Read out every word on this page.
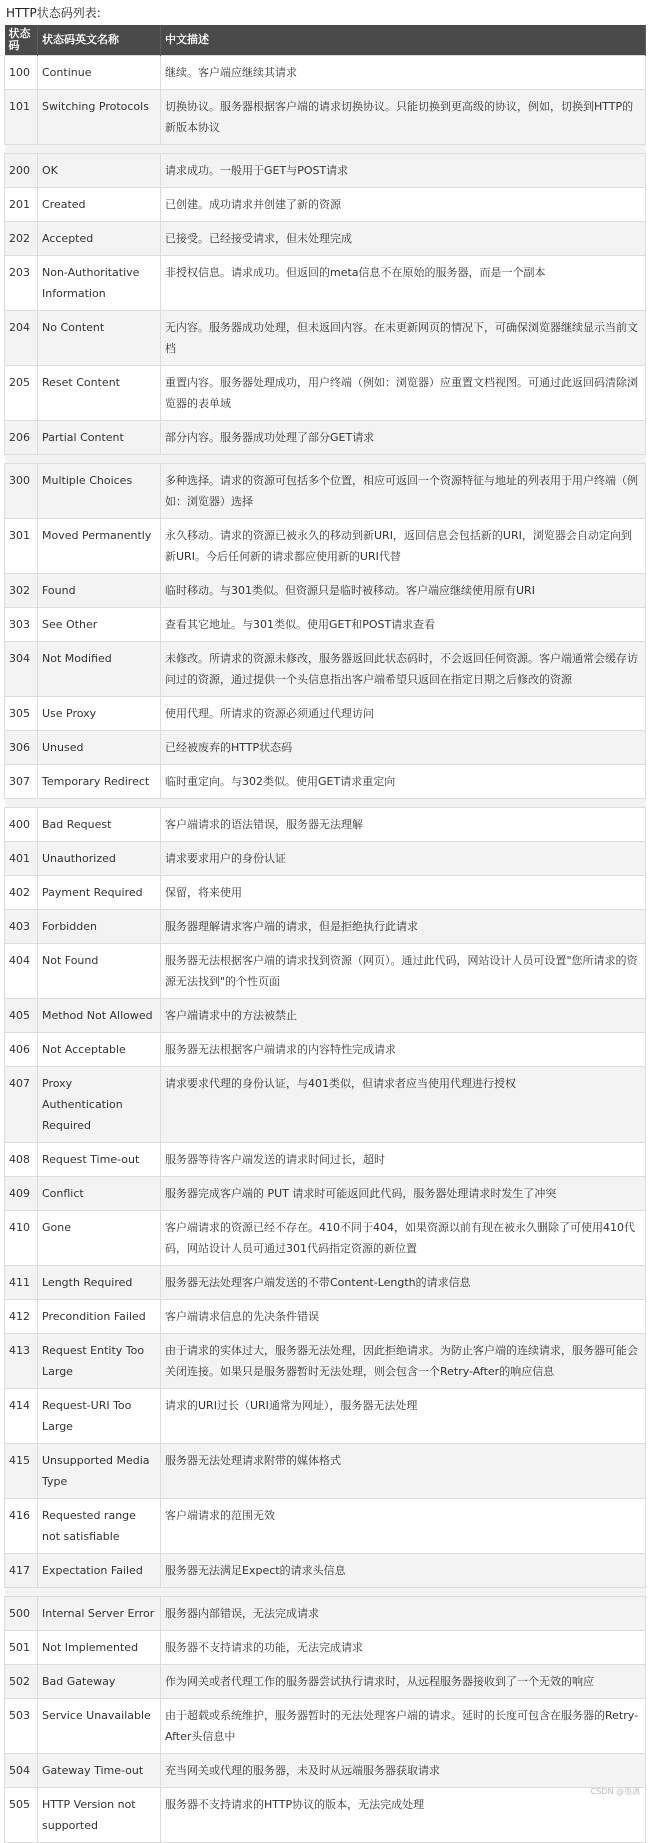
HTTP状态码列表:
状态码	状态码英文名称	中文描述
100	Continue	继续。客户端应继续其请求
101	Switching Protocols	切换协议。服务器根据客户端的请求切换协议。只能切换到更高级的协议，例如，切换到HTTP的新版本协议

200	OK	请求成功。一般用于GET与POST请求
201	Created	已创建。成功请求并创建了新的资源
202	Accepted	已接受。已经接受请求，但未处理完成
203	Non-Authoritative Information	非授权信息。请求成功。但返回的meta信息不在原始的服务器，而是一个副本
204	No Content	无内容。服务器成功处理，但未返回内容。在未更新网页的情况下，可确保浏览器继续显示当前文档
205	Reset Content	重置内容。服务器处理成功，用户终端（例如：浏览器）应重置文档视图。可通过此返回码清除浏览器的表单域
206	Partial Content	部分内容。服务器成功处理了部分GET请求

300	Multiple Choices	多种选择。请求的资源可包括多个位置，相应可返回一个资源特征与地址的列表用于用户终端（例如：浏览器）选择
301	Moved Permanently	永久移动。请求的资源已被永久的移动到新URI，返回信息会包括新的URI，浏览器会自动定向到新URI。今后任何新的请求都应使用新的URI代替
302	Found	临时移动。与301类似。但资源只是临时被移动。客户端应继续使用原有URI
303	See Other	查看其它地址。与301类似。使用GET和POST请求查看
304	Not Modified	未修改。所请求的资源未修改，服务器返回此状态码时，不会返回任何资源。客户端通常会缓存访问过的资源，通过提供一个头信息指出客户端希望只返回在指定日期之后修改的资源
305	Use Proxy	使用代理。所请求的资源必须通过代理访问
306	Unused	已经被废弃的HTTP状态码
307	Temporary Redirect	临时重定向。与302类似。使用GET请求重定向

400	Bad Request	客户端请求的语法错误，服务器无法理解
401	Unauthorized	请求要求用户的身份认证
402	Payment Required	保留，将来使用
403	Forbidden	服务器理解请求客户端的请求，但是拒绝执行此请求
404	Not Found	服务器无法根据客户端的请求找到资源（网页）。通过此代码，网站设计人员可设置"您所请求的资源无法找到"的个性页面
405	Method Not Allowed	客户端请求中的方法被禁止
406	Not Acceptable	服务器无法根据客户端请求的内容特性完成请求
407	Proxy Authentication Required	请求要求代理的身份认证，与401类似，但请求者应当使用代理进行授权
408	Request Time-out	服务器等待客户端发送的请求时间过长，超时
409	Conflict	服务器完成客户端的 PUT 请求时可能返回此代码，服务器处理请求时发生了冲突
410	Gone	客户端请求的资源已经不存在。410不同于404，如果资源以前有现在被永久删除了可使用410代码，网站设计人员可通过301代码指定资源的新位置
411	Length Required	服务器无法处理客户端发送的不带Content-Length的请求信息
412	Precondition Failed	客户端请求信息的先决条件错误
413	Request Entity Too Large	由于请求的实体过大，服务器无法处理，因此拒绝请求。为防止客户端的连续请求，服务器可能会关闭连接。如果只是服务器暂时无法处理，则会包含一个Retry-After的响应信息
414	Request-URI Too Large	请求的URI过长（URI通常为网址），服务器无法处理
415	Unsupported Media Type	服务器无法处理请求附带的媒体格式
416	Requested range not satisfiable	客户端请求的范围无效
417	Expectation Failed	服务器无法满足Expect的请求头信息

500	Internal Server Error	服务器内部错误，无法完成请求
501	Not Implemented	服务器不支持请求的功能，无法完成请求
502	Bad Gateway	作为网关或者代理工作的服务器尝试执行请求时，从远程服务器接收到了一个无效的响应
503	Service Unavailable	由于超载或系统维护，服务器暂时的无法处理客户端的请求。延时的长度可包含在服务器的Retry-After头信息中
504	Gateway Time-out	充当网关或代理的服务器，未及时从远端服务器获取请求
505	HTTP Version not supported	服务器不支持请求的HTTP协议的版本，无法完成处理
CSDN @墨漓
